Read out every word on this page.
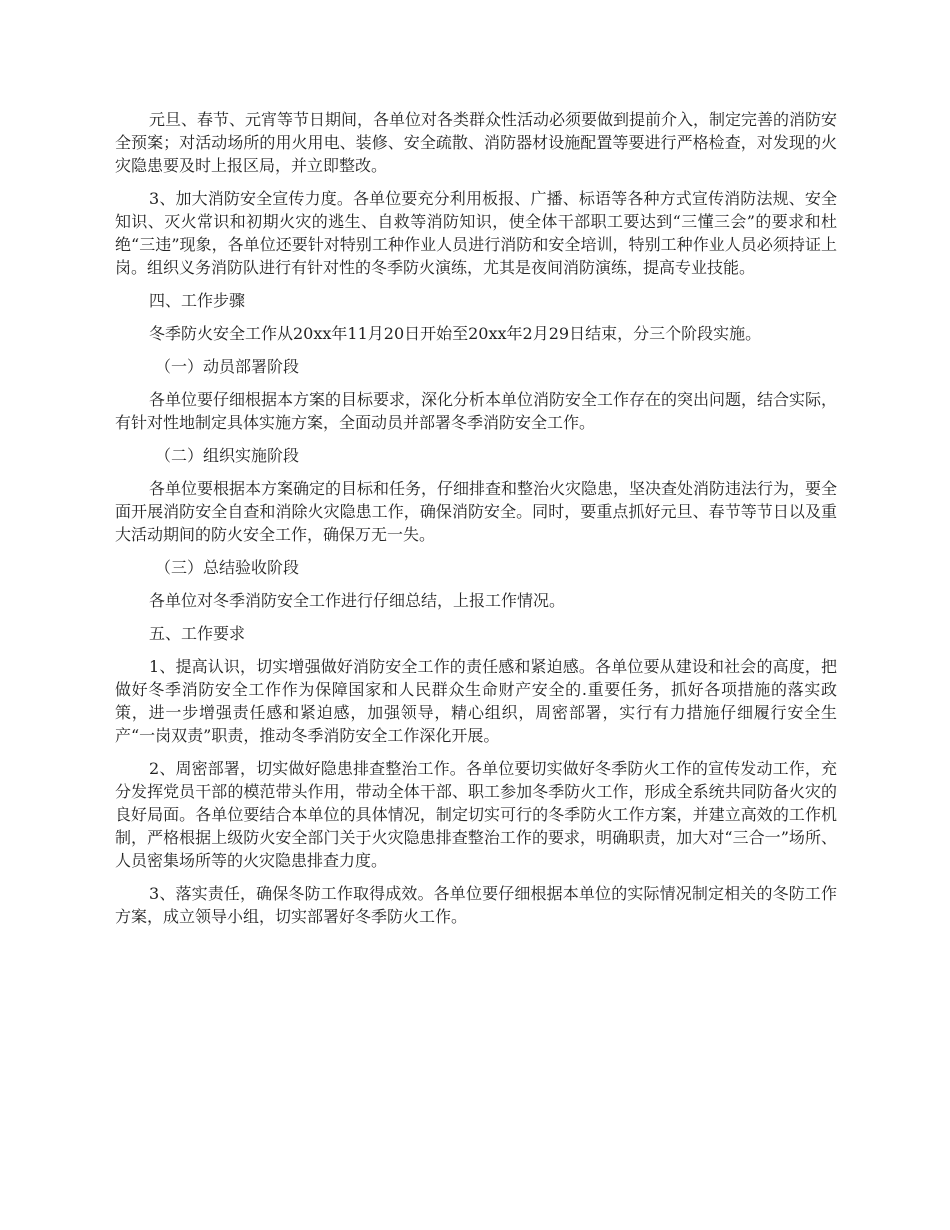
元旦、春节、元宵等节日期间，各单位对各类群众性活动必须要做到提前介入，制定完善的消防安全预案；对活动场所的用火用电、装修、安全疏散、消防器材设施配置等要进行严格检查，对发现的火灾隐患要及时上报区局，并立即整改。

3、加大消防安全宣传力度。各单位要充分利用板报、广播、标语等各种方式宣传消防法规、安全知识、灭火常识和初期火灾的逃生、自救等消防知识，使全体干部职工要达到“三懂三会”的要求和杜绝“三违”现象，各单位还要针对特别工种作业人员进行消防和安全培训，特别工种作业人员必须持证上岗。组织义务消防队进行有针对性的冬季防火演练，尤其是夜间消防演练，提高专业技能。

四、工作步骤

冬季防火安全工作从20xx年11月20日开始至20xx年2月29日结束，分三个阶段实施。

（一）动员部署阶段

各单位要仔细根据本方案的目标要求，深化分析本单位消防安全工作存在的突出问题，结合实际，有针对性地制定具体实施方案，全面动员并部署冬季消防安全工作。

（二）组织实施阶段

各单位要根据本方案确定的目标和任务，仔细排查和整治火灾隐患，坚决查处消防违法行为，要全面开展消防安全自查和消除火灾隐患工作，确保消防安全。同时，要重点抓好元旦、春节等节日以及重大活动期间的防火安全工作，确保万无一失。

（三）总结验收阶段

各单位对冬季消防安全工作进行仔细总结，上报工作情况。

五、工作要求

1、提高认识，切实增强做好消防安全工作的责任感和紧迫感。各单位要从建设和社会的高度，把做好冬季消防安全工作作为保障国家和人民群众生命财产安全的.重要任务，抓好各项措施的落实政策，进一步增强责任感和紧迫感，加强领导，精心组织，周密部署，实行有力措施仔细履行安全生产“一岗双责”职责，推动冬季消防安全工作深化开展。

2、周密部署，切实做好隐患排查整治工作。各单位要切实做好冬季防火工作的宣传发动工作，充分发挥党员干部的模范带头作用，带动全体干部、职工参加冬季防火工作，形成全系统共同防备火灾的良好局面。各单位要结合本单位的具体情况，制定切实可行的冬季防火工作方案，并建立高效的工作机制，严格根据上级防火安全部门关于火灾隐患排查整治工作的要求，明确职责，加大对“三合一”场所、人员密集场所等的火灾隐患排查力度。

3、落实责任，确保冬防工作取得成效。各单位要仔细根据本单位的实际情况制定相关的冬防工作方案，成立领导小组，切实部署好冬季防火工作。
